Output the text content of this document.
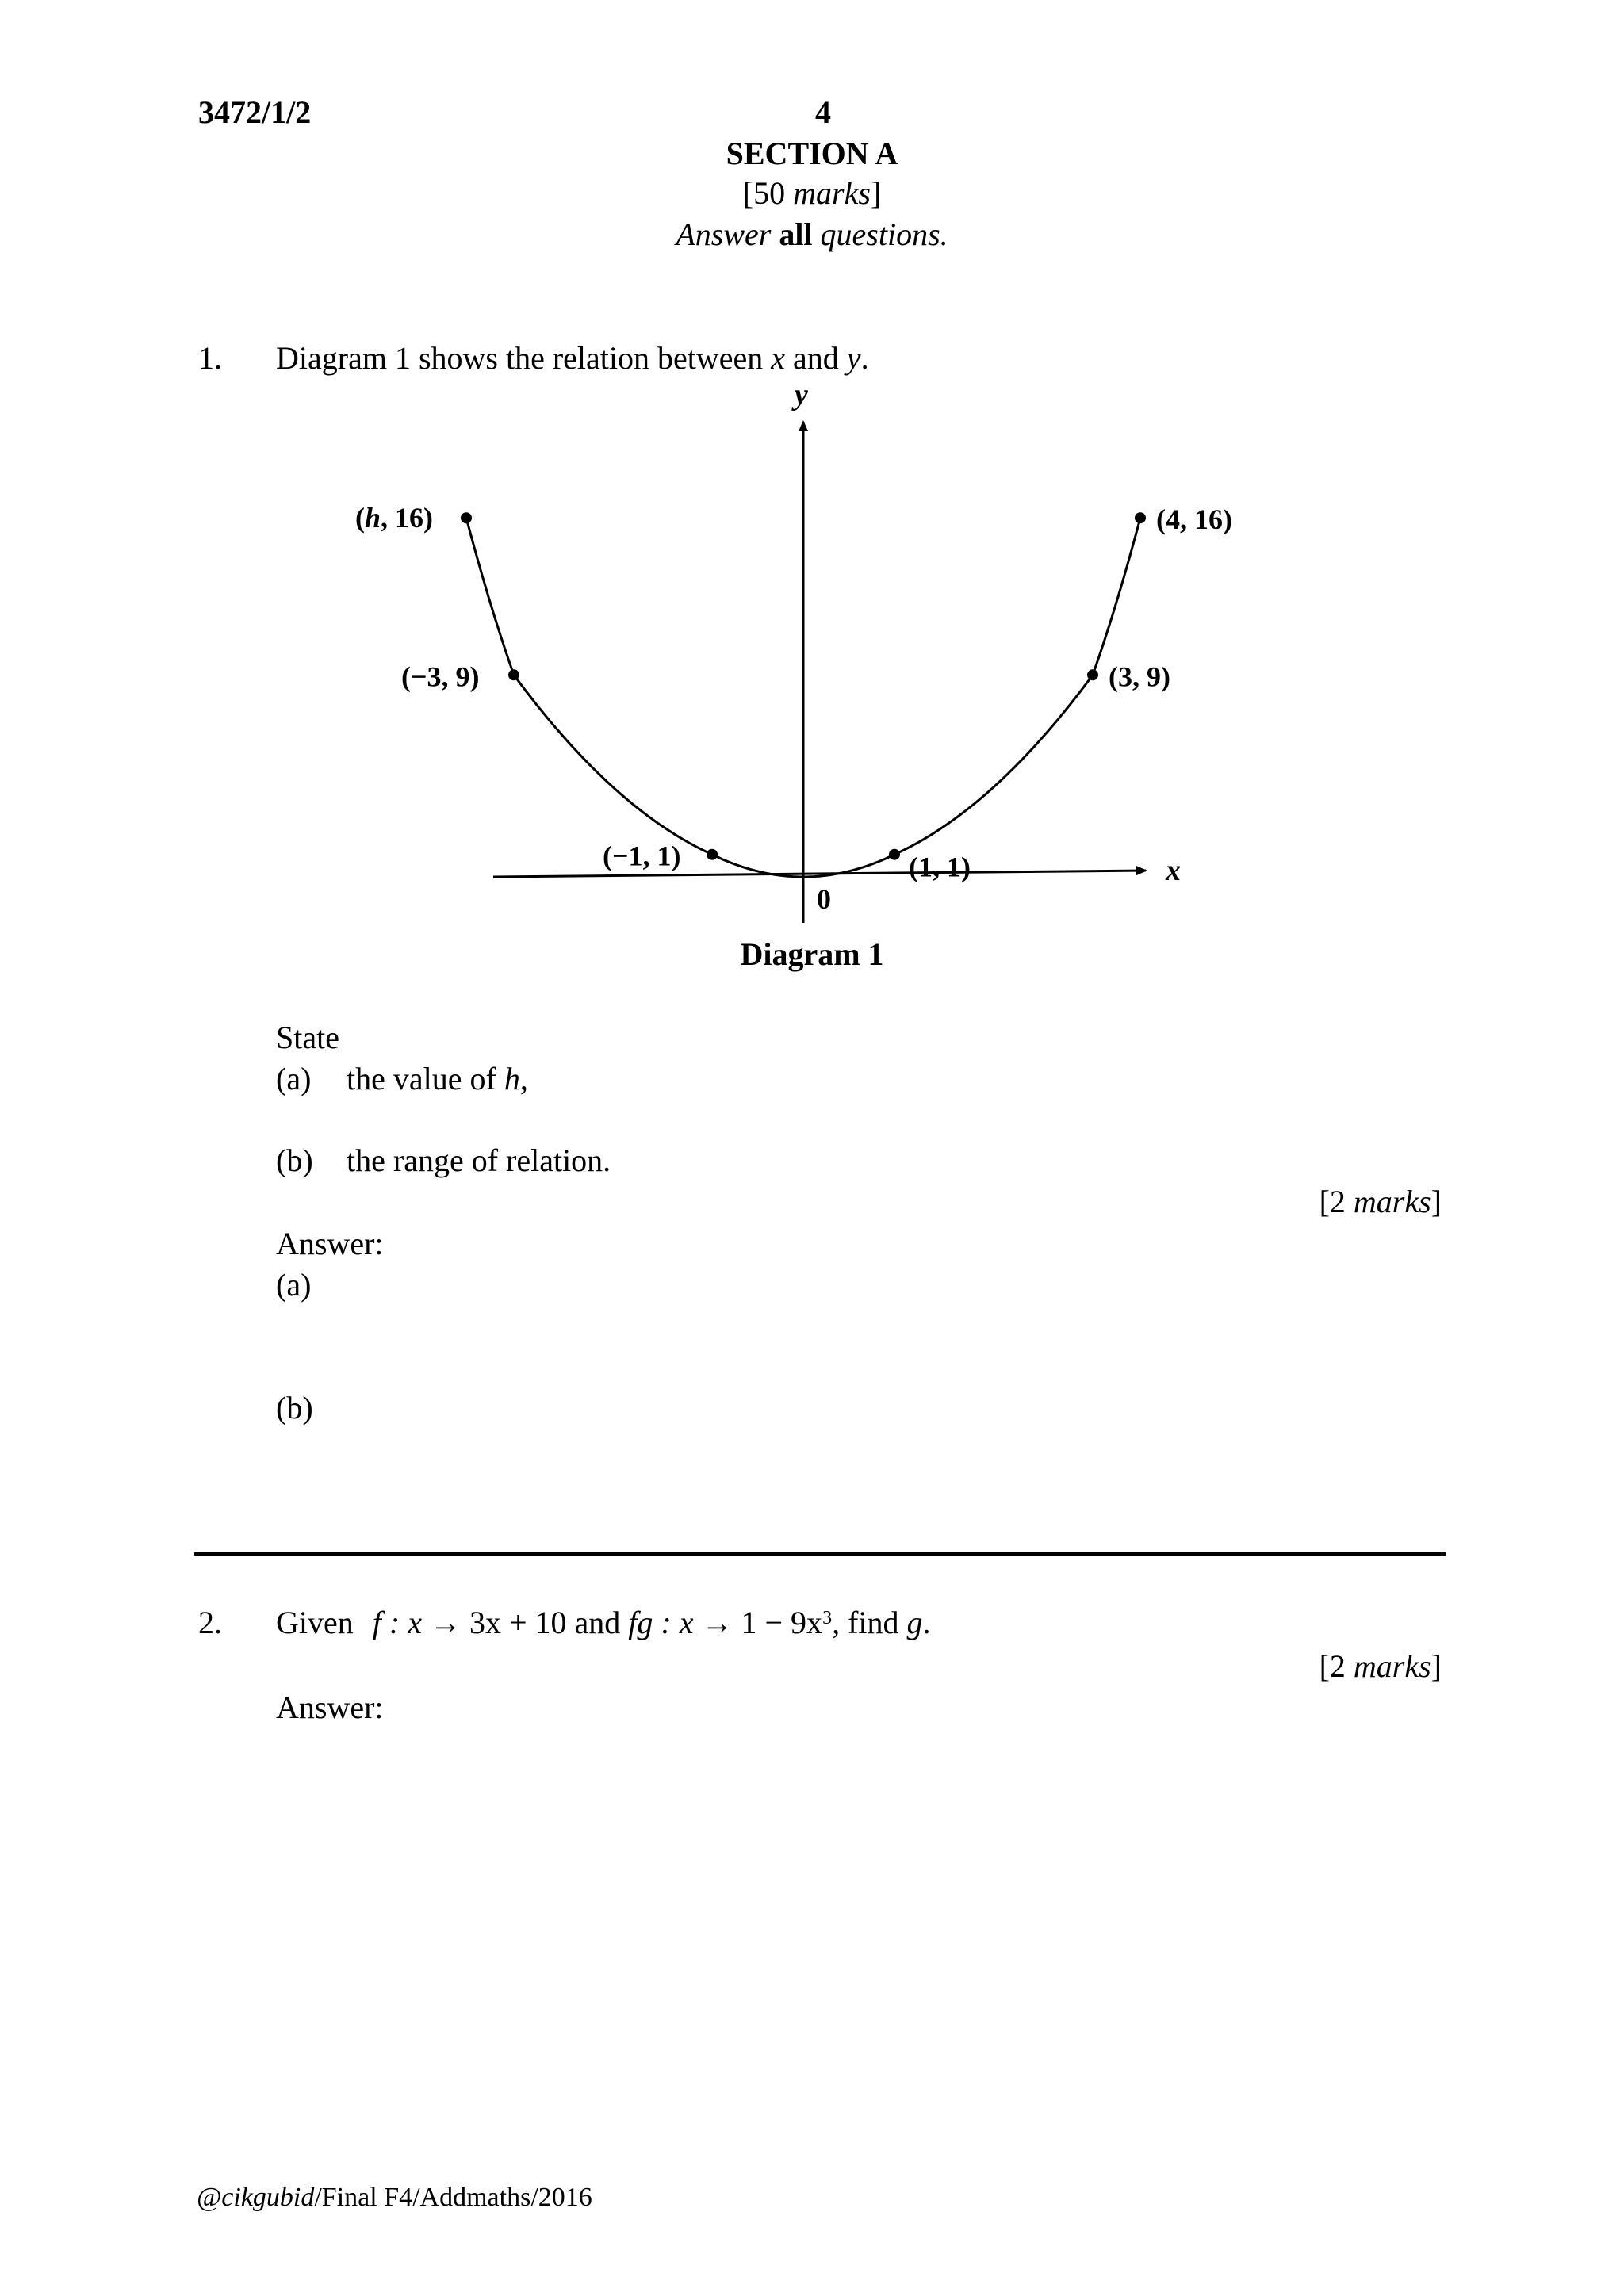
3472/1/2	4
SECTION A
[50 marks]
Answer all questions.
1. Diagram 1 shows the relation between x and y.
(h, 16)
(−3, 9)
(−1, 1)	(1, 1)
(3, 9)
(4, 16)
x
y
0
Diagram 1
State
(a) the value of h,
(b) the range of relation.
[2 marks]
Answer:
(a)
(b)
2. Given f : x → 3x + 10 and fg : $x \to 1 - 9x^3$, find g.
[2 marks]
Answer:
@cikgubid/Final F4/Addmaths/2016
